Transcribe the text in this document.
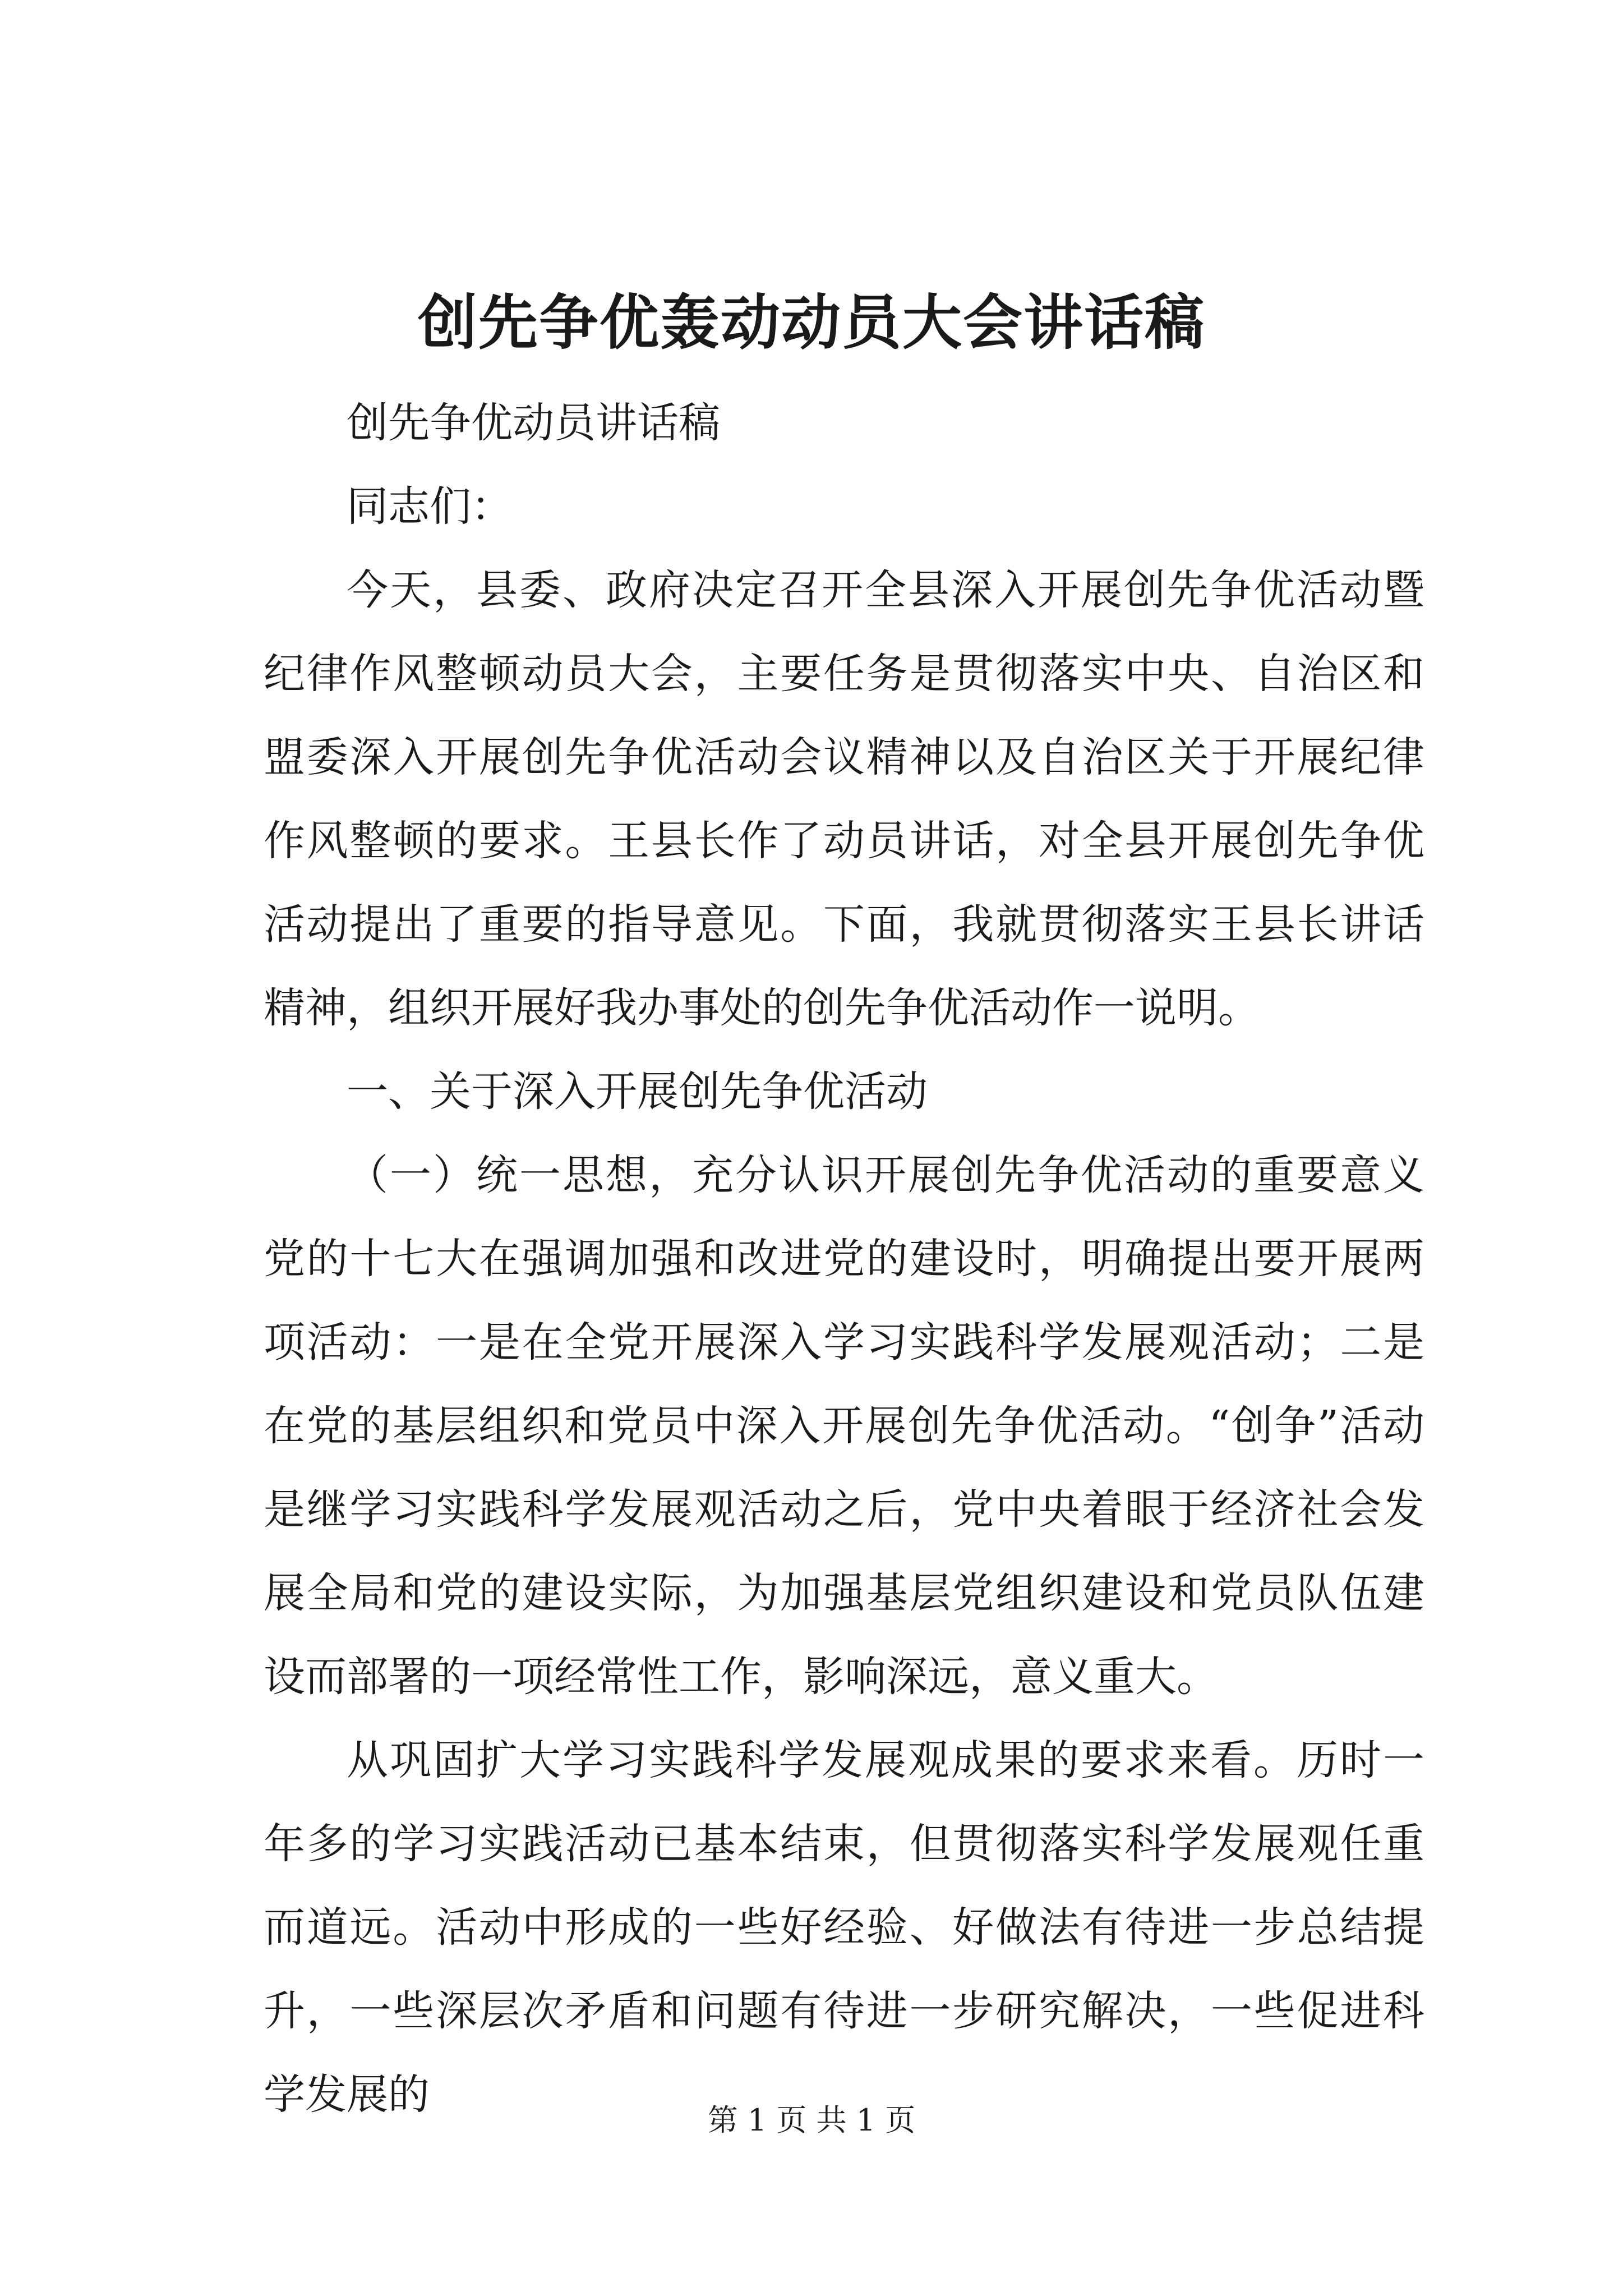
创先争优轰动动员大会讲话稿

创先争优动员讲话稿

同志们：

今天，县委、政府决定召开全县深入开展创先争优活动暨纪律作风整顿动员大会，主要任务是贯彻落实中央、自治区和盟委深入开展创先争优活动会议精神以及自治区关于开展纪律作风整顿的要求。王县长作了动员讲话，对全县开展创先争优活动提出了重要的指导意见。下面，我就贯彻落实王县长讲话精神，组织开展好我办事处的创先争优活动作一说明。

一、关于深入开展创先争优活动

（一）统一思想，充分认识开展创先争优活动的重要意义党的十七大在强调加强和改进党的建设时，明确提出要开展两项活动：一是在全党开展深入学习实践科学发展观活动；二是在党的基层组织和党员中深入开展创先争优活动。“创争”活动是继学习实践科学发展观活动之后，党中央着眼于经济社会发展全局和党的建设实际，为加强基层党组织建设和党员队伍建设而部署的一项经常性工作，影响深远，意义重大。

从巩固扩大学习实践科学发展观成果的要求来看。历时一年多的学习实践活动已基本结束，但贯彻落实科学发展观任重而道远。活动中形成的一些好经验、好做法有待进一步总结提升，一些深层次矛盾和问题有待进一步研究解决，一些促进科学发展的

第 1 页 共 1 页
